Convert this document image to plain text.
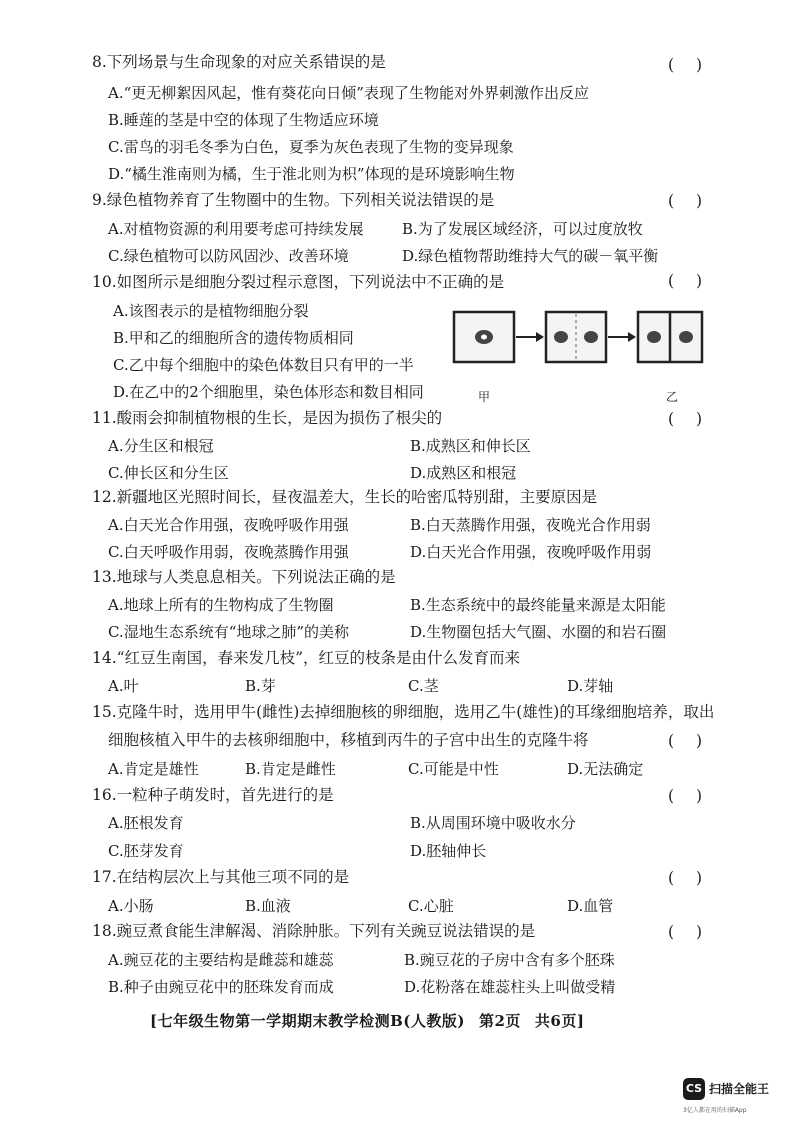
8.下列场景与生命现象的对应关系错误的是	()
A.“更无柳絮因风起，惟有葵花向日倾”表现了生物能对外界刺激作出反应
B.睡莲的茎是中空的体现了生物适应环境
C.雷鸟的羽毛冬季为白色，夏季为灰色表现了生物的变异现象
D.“橘生淮南则为橘，生于淮北则为枳”体现的是环境影响生物
9.绿色植物养育了生物圈中的生物。下列相关说法错误的是	()
A.对植物资源的利用要考虑可持续发展	B.为了发展区域经济，可以过度放牧
C.绿色植物可以防风固沙、改善环境	D.绿色植物帮助维持大气的碳－氧平衡
10.如图所示是细胞分裂过程示意图，下列说法中不正确的是	()
A.该图表示的是植物细胞分裂
B.甲和乙的细胞所含的遗传物质相同
C.乙中每个细胞中的染色体数目只有甲的一半
D.在乙中的2个细胞里，染色体形态和数目相同	甲	乙
11.酸雨会抑制植物根的生长，是因为损伤了根尖的	()
A.分生区和根冠	B.成熟区和伸长区
C.伸长区和分生区	D.成熟区和根冠
12.新疆地区光照时间长，昼夜温差大，生长的哈密瓜特别甜，主要原因是
A.白天光合作用强，夜晚呼吸作用强	B.白天蒸腾作用强，夜晚光合作用弱
C.白天呼吸作用弱，夜晚蒸腾作用强	D.白天光合作用强，夜晚呼吸作用弱
13.地球与人类息息相关。下列说法正确的是
A.地球上所有的生物构成了生物圈	B.生态系统中的最终能量来源是太阳能
C.湿地生态系统有“地球之肺”的美称	D.生物圈包括大气圈、水圈的和岩石圈
14.“红豆生南国，春来发几枝”，红豆的枝条是由什么发育而来
A.叶	B.芽	C.茎	D.芽轴
15.克隆牛时，选用甲牛(雌性)去掉细胞核的卵细胞，选用乙牛(雄性)的耳缘细胞培养，取出
细胞核植入甲牛的去核卵细胞中，移植到丙牛的子宫中出生的克隆牛将	()
A.肯定是雄性	B.肯定是雌性	C.可能是中性	D.无法确定
16.一粒种子萌发时，首先进行的是	()
A.胚根发育	B.从周围环境中吸收水分
C.胚芽发育	D.胚轴伸长
17.在结构层次上与其他三项不同的是	()
A.小肠	B.血液	C.心脏	D.血管
18.豌豆煮食能生津解渴、消除肿胀。下列有关豌豆说法错误的是	()
A.豌豆花的主要结构是雌蕊和雄蕊	B.豌豆花的子房中含有多个胚珠
B.种子由豌豆花中的胚珠发育而成	D.花粉落在雄蕊柱头上叫做受精
[七年级生物第一学期期末教学检测B(人教版) 第2页 共6页]
CS 扫描全能王
3亿人都在用的扫描App
